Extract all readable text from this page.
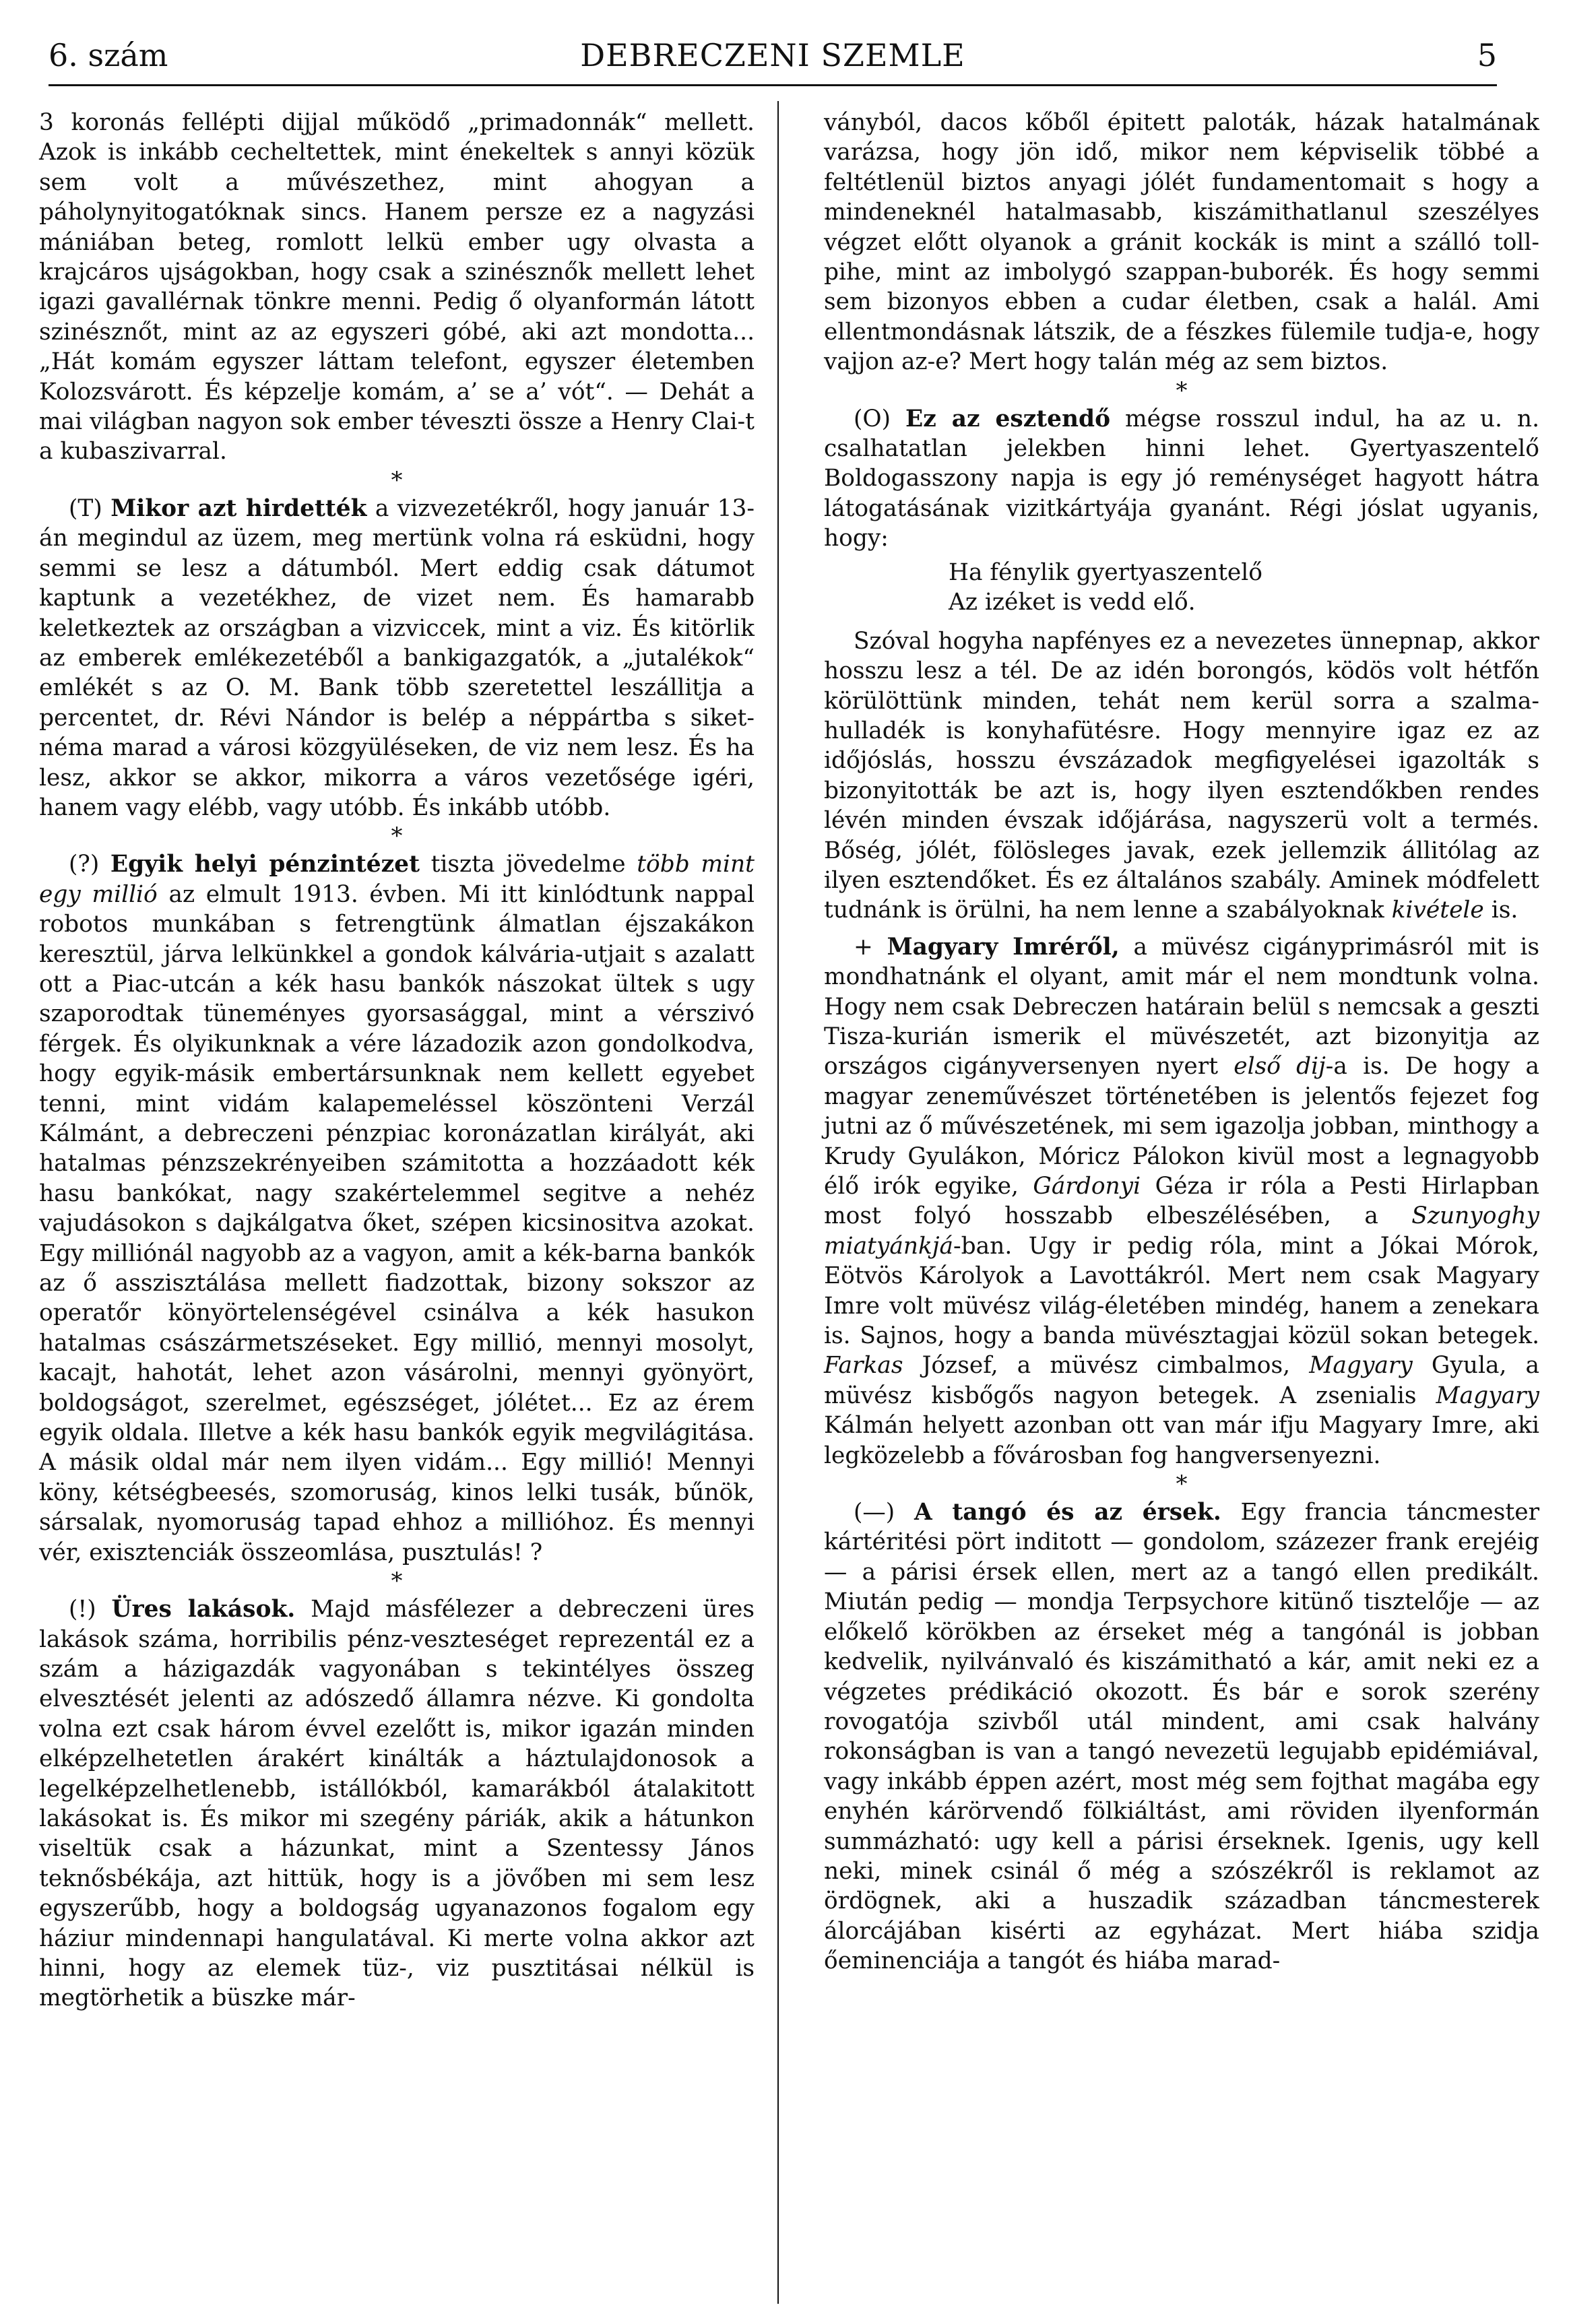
DEBRECZENI SZEMLE
6. szám	5

3 koronás fellépti dijjal működő „primadonnák“ mellett. Azok is inkább cecheltettek, mint énekeltek s annyi közük sem volt a művészethez, mint ahogyan a páholynyitogatóknak sincs. Hanem persze ez a nagyzási mániában beteg, romlott lelkü ember ugy olvasta a krajcáros ujságokban, hogy csak a szinésznők mellett lehet igazi gavallérnak tönkre menni. Pedig ő olyanformán látott szinésznőt, mint az az egyszeri góbé, aki azt mondotta... „Hát komám egyszer láttam telefont, egyszer életemben Kolozsvárott. És képzelje komám, a’ se a’ vót“. — Dehát a mai világban nagyon sok ember téveszti össze a Henry Clai-t a kubaszivarral.

*

(T) Mikor azt hirdették a vizvezetékről, hogy január 13-án megindul az üzem, meg mertünk volna rá esküdni, hogy semmi se lesz a dátumból. Mert eddig csak dátumot kaptunk a vezetékhez, de vizet nem. És hamarabb keletkeztek az országban a vizviccek, mint a viz. És kitörlik az emberek emlékezetéből a bankigazgatók, a „jutalékok“ emlékét s az O. M. Bank több szeretettel leszállitja a percentet, dr. Révi Nándor is belép a néppártba s siket-néma marad a városi közgyüléseken, de viz nem lesz. És ha lesz, akkor se akkor, mikorra a város vezetősége igéri, hanem vagy elébb, vagy utóbb. És inkább utóbb.

*

(?) Egyik helyi pénzintézet tiszta jövedelme több mint egy millió az elmult 1913. évben. Mi itt kinlódtunk nappal robotos munkában s fetrengtünk álmatlan éjszakákon keresztül, járva lelkünkkel a gondok kálvária-utjait s azalatt ott a Piac-utcán a kék hasu bankók nászokat ültek s ugy szaporodtak tüneményes gyorsasággal, mint a vérszivó férgek. És olyikunknak a vére lázadozik azon gondolkodva, hogy egyik-másik embertársunknak nem kellett egyebet tenni, mint vidám kalapemeléssel köszönteni Verzál Kálmánt, a debreczeni pénzpiac koronázatlan királyát, aki hatalmas pénzszekrényeiben számitotta a hozzáadott kék hasu bankókat, nagy szakértelemmel segitve a nehéz vajudásokon s dajkálgatva őket, szépen kicsinositva azokat. Egy milliónál nagyobb az a vagyon, amit a kék-barna bankók az ő asszisztálása mellett fiadzottak, bizony sokszor az operatőr könyörtelenségével csinálva a kék hasukon hatalmas császármetszéseket. Egy millió, mennyi mosolyt, kacajt, hahotát, lehet azon vásárolni, mennyi gyönyört, boldogságot, szerelmet, egészséget, jólétet... Ez az érem egyik oldala. Illetve a kék hasu bankók egyik megvilágitása. A másik oldal már nem ilyen vidám... Egy millió! Mennyi köny, kétségbeesés, szomoruság, kinos lelki tusák, bűnök, sársalak, nyomoruság tapad ehhoz a millióhoz. És mennyi vér, exisztenciák összeomlása, pusztulás! ?

*

(!) Üres lakások. Majd másfélezer a debreczeni üres lakások száma, horribilis pénz-veszteséget reprezentál ez a szám a házigazdák vagyonában s tekintélyes összeg elvesztését jelenti az adószedő államra nézve. Ki gondolta volna ezt csak három évvel ezelőtt is, mikor igazán minden elképzelhetetlen árakért kinálták a háztulajdonosok a legelképzelhetlenebb, istállókból, kamarákból átalakitott lakásokat is. És mikor mi szegény páriák, akik a hátunkon viseltük csak a házunkat, mint a Szentessy János teknősbékája, azt hittük, hogy is a jövőben mi sem lesz egyszerűbb, hogy a boldogság ugyanazonos fogalom egy háziur mindennapi hangulatával. Ki merte volna akkor azt hinni, hogy az elemek tüz-, viz pusztitásai nélkül is megtörhetik a büszke már-

ványból, dacos kőből épitett paloták, házak hatalmának varázsa, hogy jön idő, mikor nem képviselik többé a feltétlenül biztos anyagi jólét fundamentomait s hogy a mindeneknél hatalmasabb, kiszámithatlanul szeszélyes végzet előtt olyanok a gránit kockák is mint a szálló toll-pihe, mint az imbolygó szappan-buborék. És hogy semmi sem bizonyos ebben a cudar életben, csak a halál. Ami ellentmondásnak látszik, de a fészkes fülemile tudja-e, hogy vajjon az-e? Mert hogy talán még az sem biztos.

*

(O) Ez az esztendő mégse rosszul indul, ha az u. n. csalhatatlan jelekben hinni lehet. Gyertyaszentelő Boldogasszony napja is egy jó reménységet hagyott hátra látogatásának vizitkártyája gyanánt. Régi jóslat ugyanis, hogy:

Ha fénylik gyertyaszentelő
Az izéket is vedd elő.

Szóval hogyha napfényes ez a nevezetes ünnepnap, akkor hosszu lesz a tél. De az idén borongós, ködös volt hétfőn körülöttünk minden, tehát nem kerül sorra a szalma-hulladék is konyhafütésre. Hogy mennyire igaz ez az időjóslás, hosszu évszázadok megfigyelései igazolták s bizonyitották be azt is, hogy ilyen esztendőkben rendes lévén minden évszak időjárása, nagyszerü volt a termés. Bőség, jólét, fölösleges javak, ezek jellemzik állitólag az ilyen esztendőket. És ez általános szabály. Aminek módfelett tudnánk is örülni, ha nem lenne a szabályoknak kivétele is.

+ Magyary Imréről, a müvész cigányprimásról mit is mondhatnánk el olyant, amit már el nem mondtunk volna. Hogy nem csak Debreczen határain belül s nemcsak a geszti Tisza-kurián ismerik el müvészetét, azt bizonyitja az országos cigányversenyen nyert első dij-a is. De hogy a magyar zeneművészet történetében is jelentős fejezet fog jutni az ő művészetének, mi sem igazolja jobban, minthogy a Krudy Gyulákon, Móricz Pálokon kivül most a legnagyobb élő irók egyike, Gárdonyi Géza ir róla a Pesti Hirlapban most folyó hosszabb elbeszélésében, a Szunyoghy miatyánkjá-ban. Ugy ir pedig róla, mint a Jókai Mórok, Eötvös Károlyok a Lavottákról. Mert nem csak Magyary Imre volt müvész világ-életében mindég, hanem a zenekara is. Sajnos, hogy a banda müvésztagjai közül sokan betegek. Farkas József, a müvész cimbalmos, Magyary Gyula, a müvész kisbőgős nagyon betegek. A zsenialis Magyary Kálmán helyett azonban ott van már ifju Magyary Imre, aki legközelebb a fővárosban fog hangversenyezni.

*

(—) A tangó és az érsek. Egy francia táncmester kártéritési pört inditott — gondolom, százezer frank erejéig — a párisi érsek ellen, mert az a tangó ellen predikált. Miután pedig — mondja Terpsychore kitünő tisztelője — az előkelő körökben az érseket még a tangónál is jobban kedvelik, nyilvánvaló és kiszámitható a kár, amit neki ez a végzetes prédikáció okozott. És bár e sorok szerény rovogatója szivből utál mindent, ami csak halvány rokonságban is van a tangó nevezetü legujabb epidémiával, vagy inkább éppen azért, most még sem fojthat magába egy enyhén kárörvendő fölkiáltást, ami röviden ilyenformán summázható: ugy kell a párisi érseknek. Igenis, ugy kell neki, minek csinál ő még a szószékről is reklamot az ördögnek, aki a huszadik században táncmesterek álorcájában kisérti az egyházat. Mert hiába szidja őeminenciája a tangót és hiába marad-
